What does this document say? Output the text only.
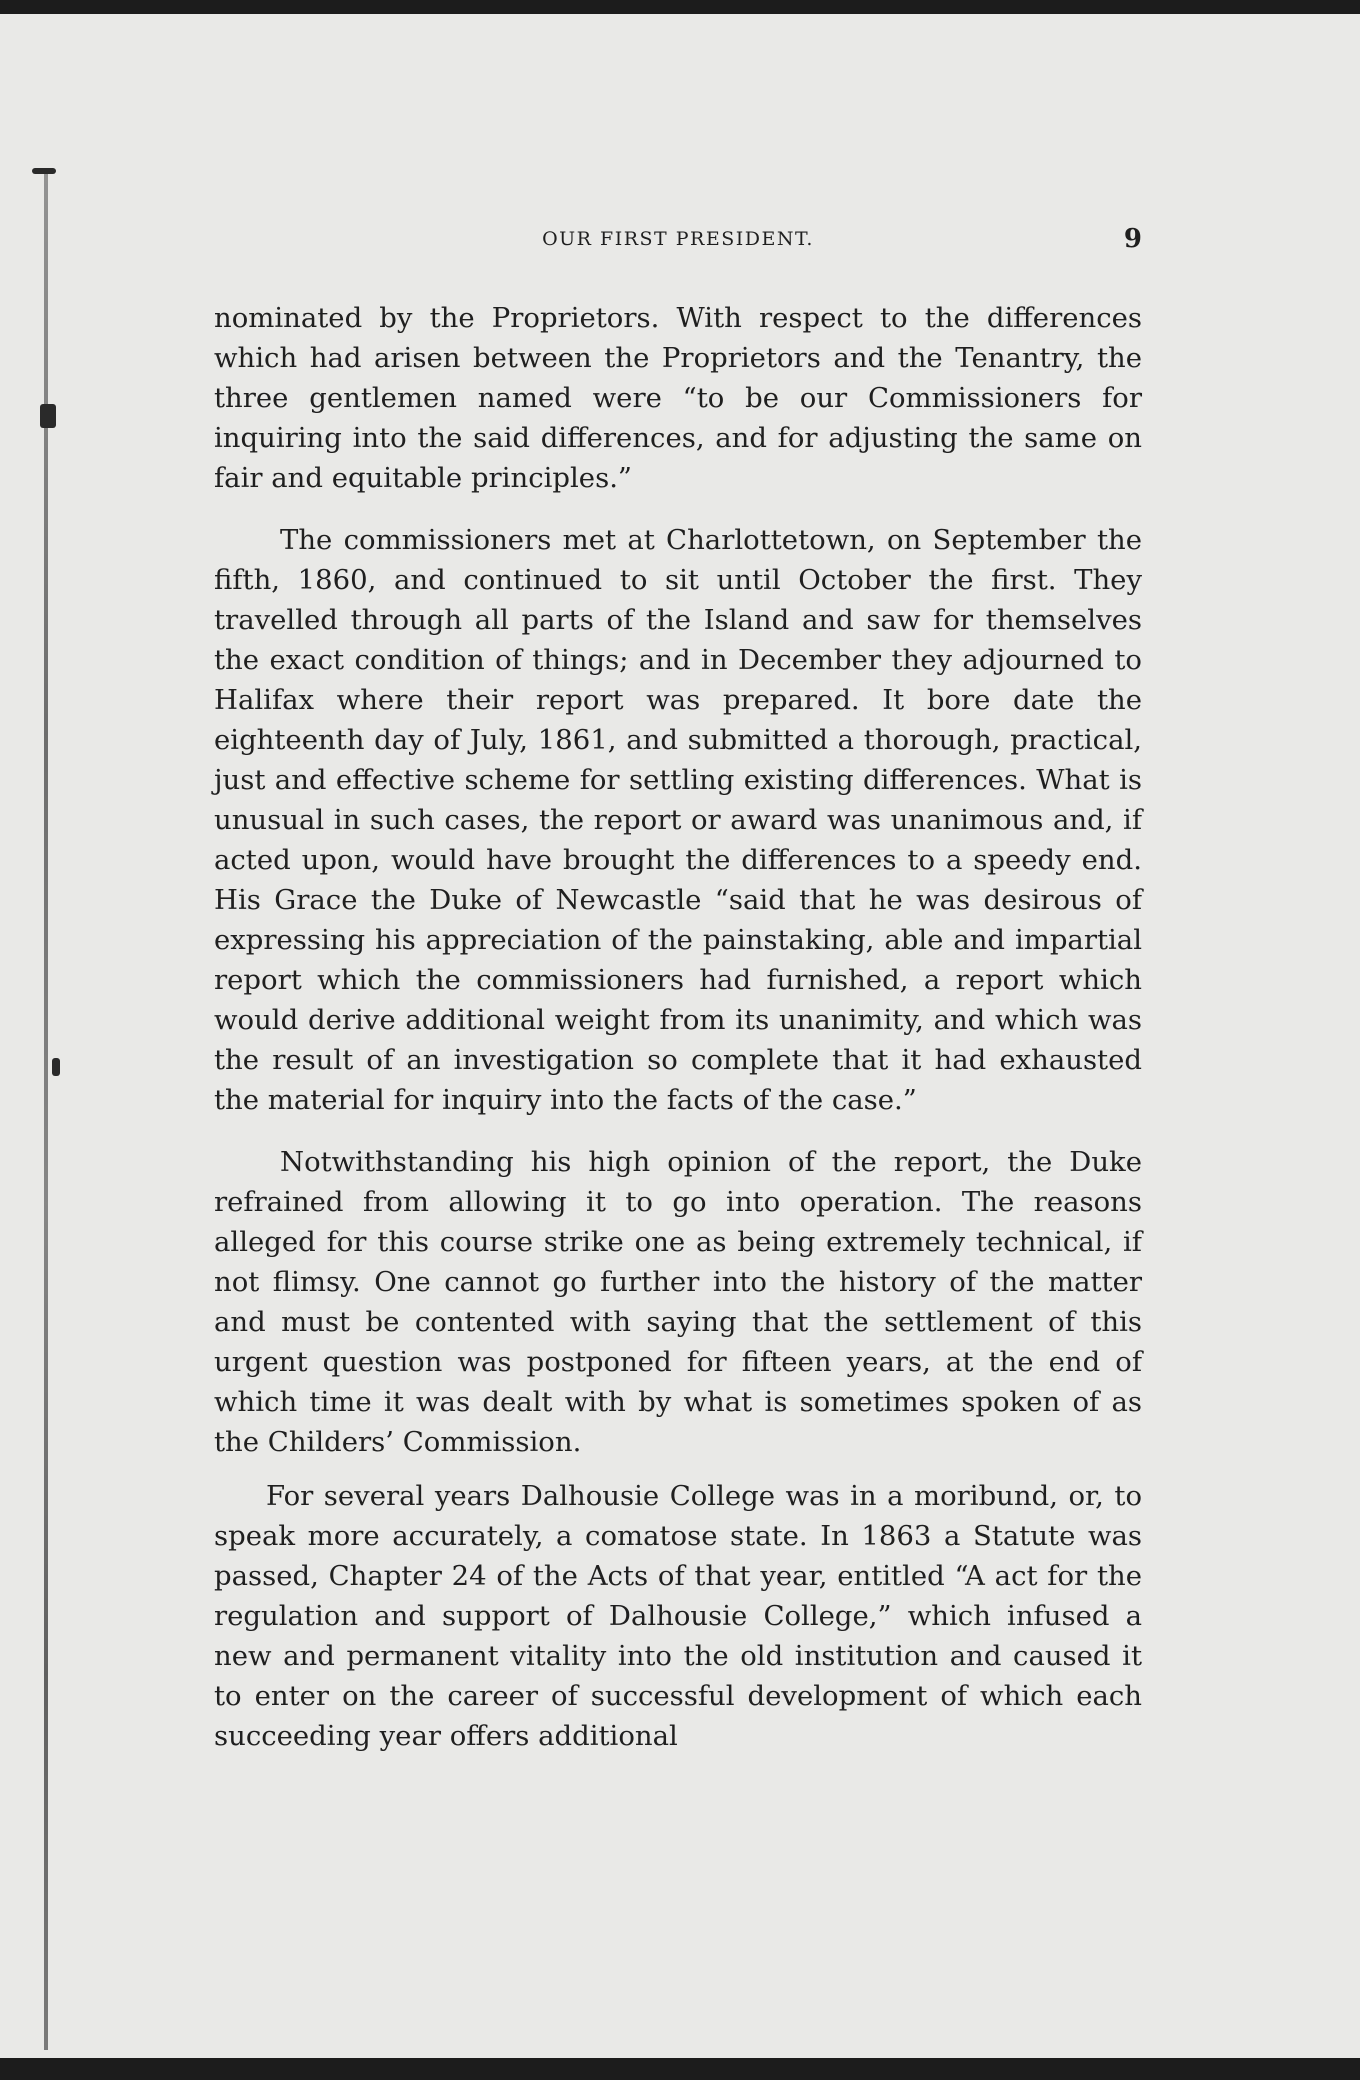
OUR FIRST PRESIDENT.	9

nominated by the Proprietors. With respect to the differences which had arisen between the Proprietors and the Tenantry, the three gentlemen named were “to be our Commissioners for inquiring into the said differences, and for adjusting the same on fair and equitable principles.”

The commissioners met at Charlottetown, on September the fifth, 1860, and continued to sit until October the first. They travelled through all parts of the Island and saw for themselves the exact condition of things; and in December they adjourned to Halifax where their report was prepared. It bore date the eighteenth day of July, 1861, and submitted a thorough, practical, just and effective scheme for settling existing differences. What is unusual in such cases, the report or award was unanimous and, if acted upon, would have brought the differences to a speedy end. His Grace the Duke of Newcastle “said that he was desirous of expressing his appreciation of the painstaking, able and impartial report which the commissioners had furnished, a report which would derive additional weight from its unanimity, and which was the result of an investigation so complete that it had exhausted the material for inquiry into the facts of the case.”

Notwithstanding his high opinion of the report, the Duke refrained from allowing it to go into operation. The reasons alleged for this course strike one as being extremely technical, if not flimsy. One cannot go further into the history of the matter and must be contented with saying that the settlement of this urgent question was postponed for fifteen years, at the end of which time it was dealt with by what is sometimes spoken of as the Childers’ Commission.

For several years Dalhousie College was in a moribund, or, to speak more accurately, a comatose state. In 1863 a Statute was passed, Chapter 24 of the Acts of that year, entitled “A act for the regulation and support of Dalhousie College,” which infused a new and permanent vitality into the old institution and caused it to enter on the career of successful development of which each succeeding year offers additional
